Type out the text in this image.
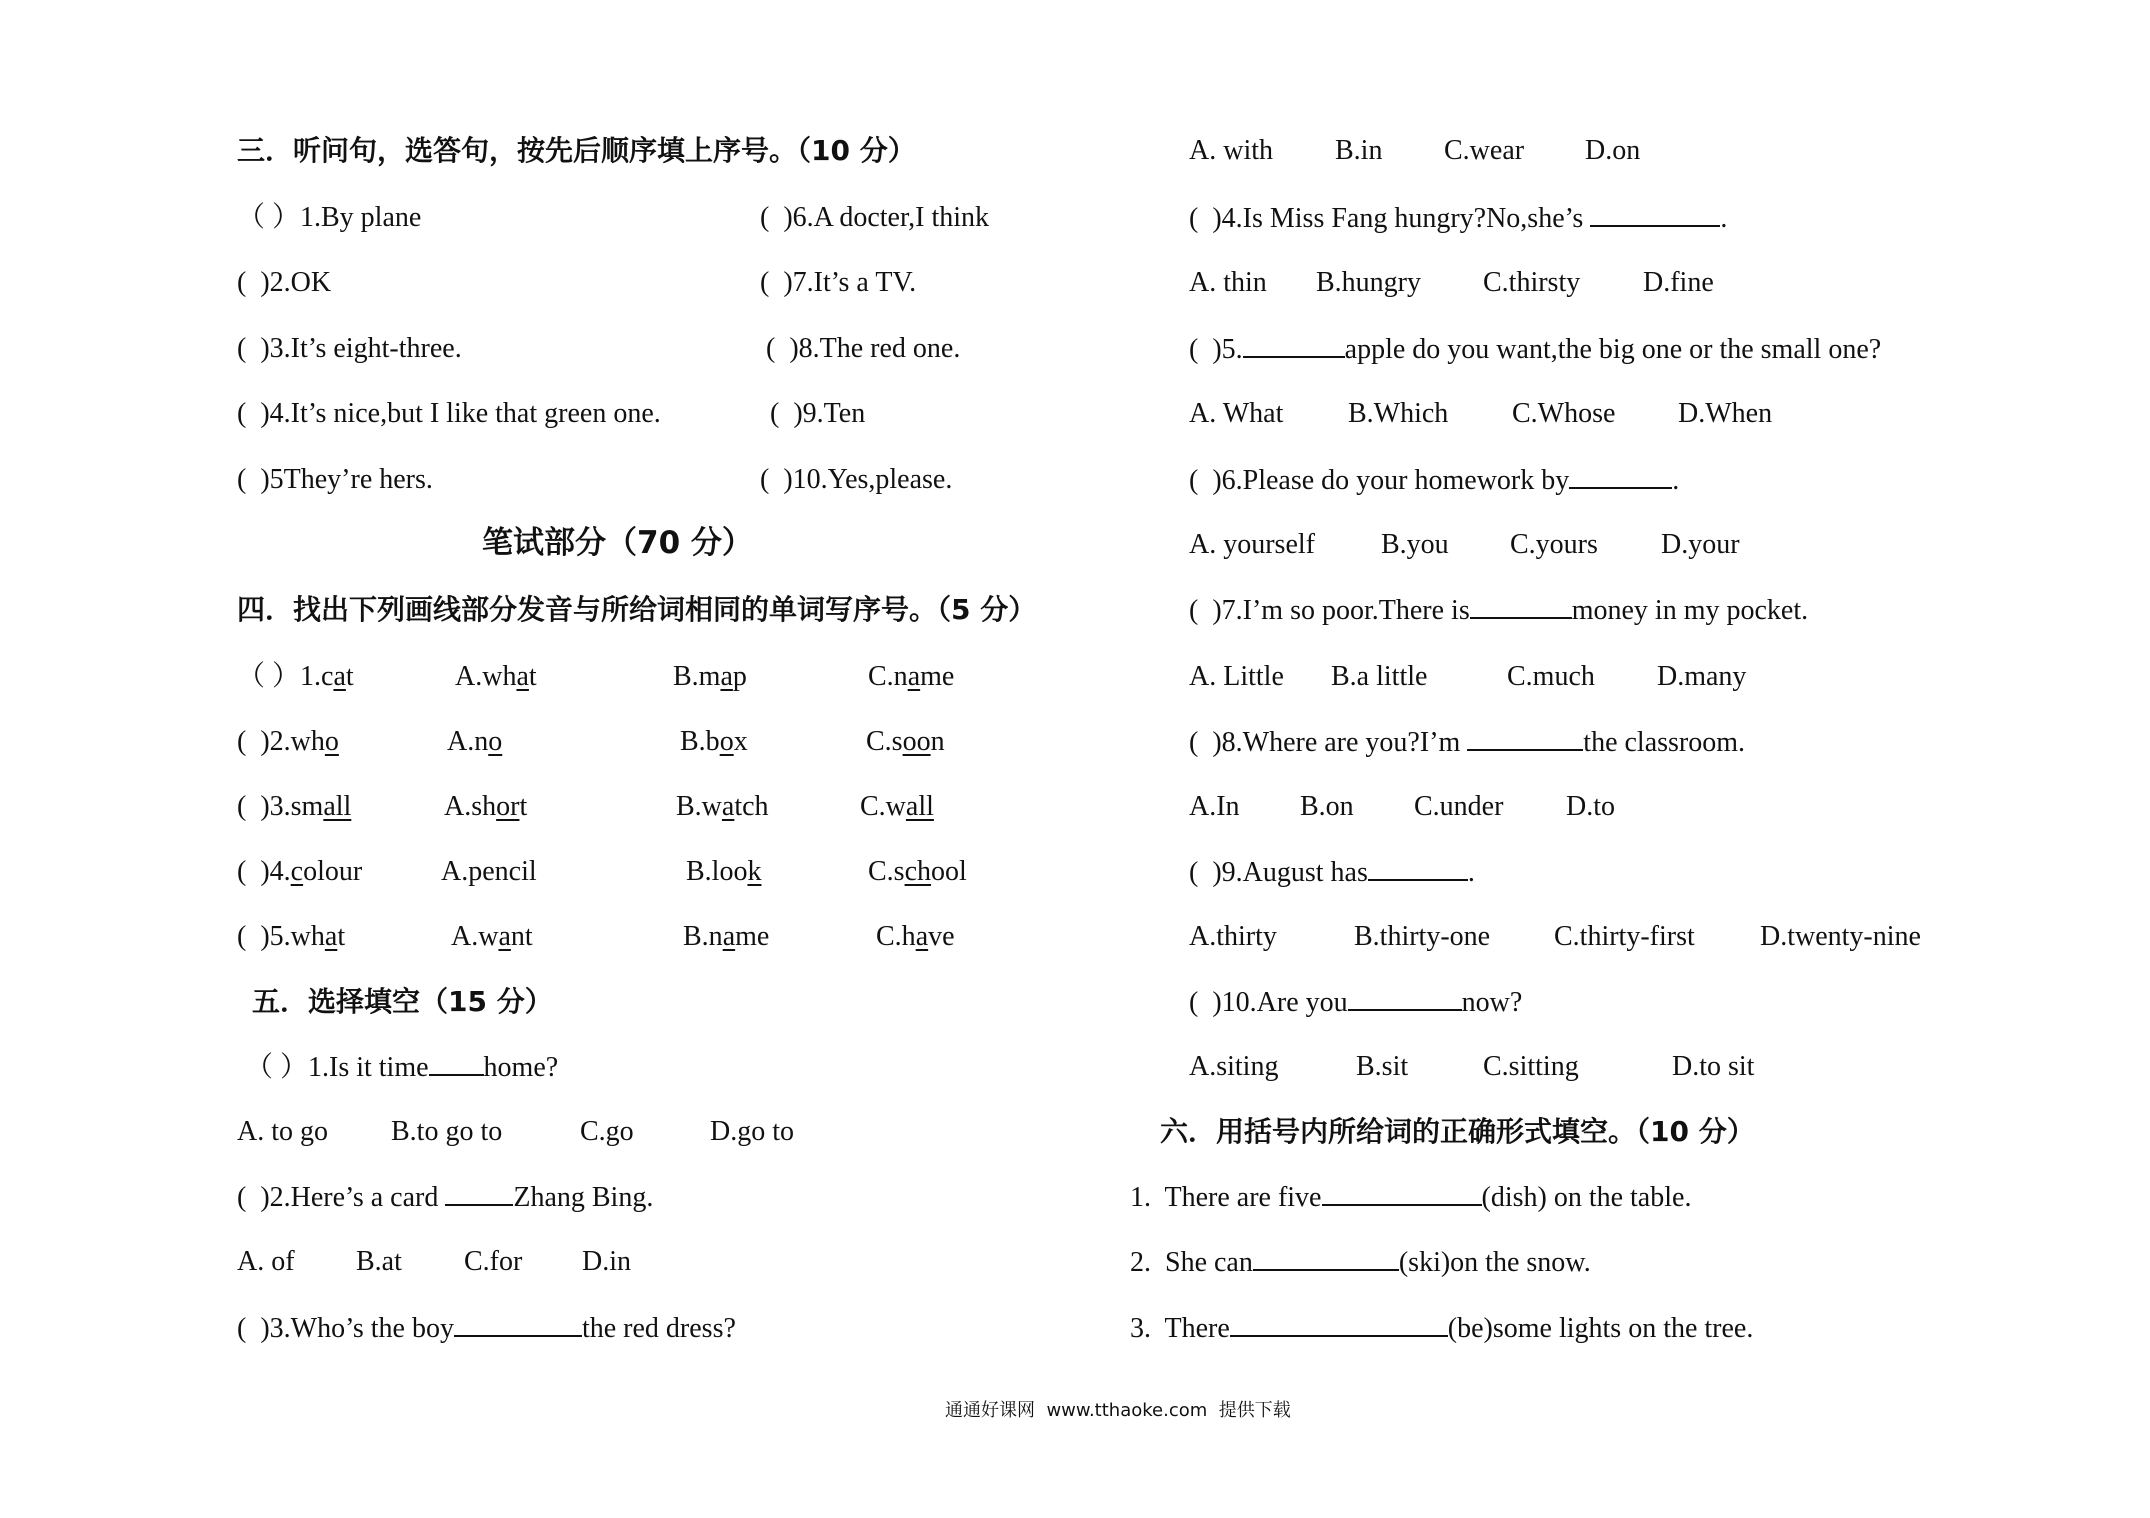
三．听问句，选答句，按先后顺序填上序号。（10 分）
（ ）1.By plane
(  )2.OK
(  )3.It’s eight-three.
(  )4.It’s nice,but I like that green one.
(  )5They’re hers.
(  )6.A docter,I think
(  )7.It’s a TV.
(  )8.The red one.
(  )9.Ten
(  )10.Yes,please.
笔试部分（70 分）
四．找出下列画线部分发音与所给词相同的单词写序号。（5 分）
（ ）1.cat	A.what	B.map	C.name
(  )2.who	A.no	B.box	C.soon
(  )3.small	A.short	B.watch	C.wall
(  )4.colour	A.pencil	B.look	C.school
(  )5.what	A.want	B.name	C.have
五．选择填空（15 分）
（ ）1.Is it time home?
A. to go B.to go to	C.go	D.go to
(  )2.Here’s a card Zhang Bing.
A. of B.at C.for D.in
(  )3.Who’s the boy	the red dress?
A. with B.in C.wear D.on
(  )4.Is Miss Fang hungry?No,she’s	.
A. thin B.hungry C.thirsty D.fine
(  )5.	apple do you want,the big one or the small one?
A. What B.Which C.Whose D.When
(  )6.Please do your homework by	.
A. yourself B.you C.yours D.your
(  )7.I’m so poor.There is	money in my pocket.
A. Little B.a little	C.much D.many
(  )8.Where are you?I’m	the classroom.
A.In B.on C.under D.to
(  )9.August has	.
A.thirty	B.thirty-one C.thirty-first D.twenty-nine
(  )10.Are you	now?
A.siting	B.sit	C.sitting	D.to sit
六．用括号内所给词的正确形式填空。（10 分）
1.  There are five	(dish) on the table.
2.  She can	(ski)on the snow.
3.  There	(be)some lights on the tree.
通通好课网  www.tthaoke.com  提供下载
